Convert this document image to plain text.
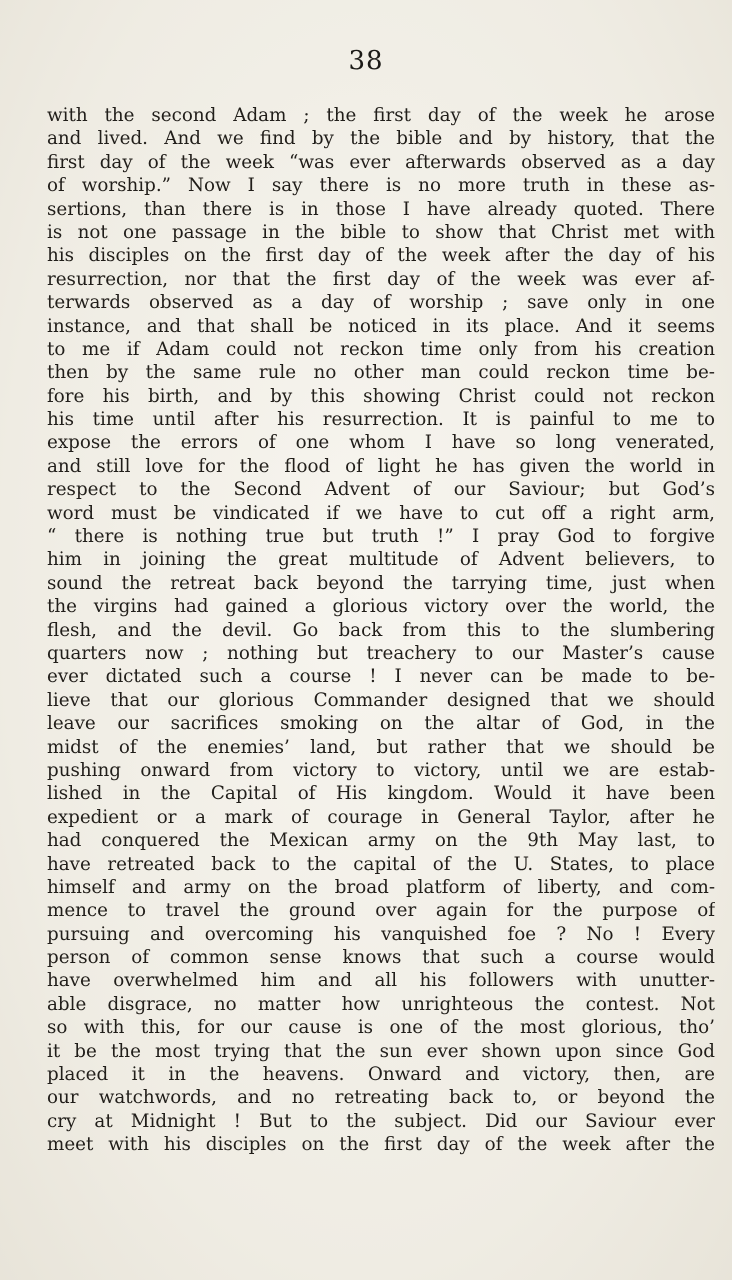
38
with the second Adam ; the first day of the week he arose
and lived. And we find by the bible and by history, that the
first day of the week “was ever afterwards observed as a day
of worship.” Now I say there is no more truth in these as-
sertions, than there is in those I have already quoted. There
is not one passage in the bible to show that Christ met with
his disciples on the first day of the week after the day of his
resurrection, nor that the first day of the week was ever af-
terwards observed as a day of worship ; save only in one
instance, and that shall be noticed in its place. And it seems
to me if Adam could not reckon time only from his creation
then by the same rule no other man could reckon time be-
fore his birth, and by this showing Christ could not reckon
his time until after his resurrection. It is painful to me to
expose the errors of one whom I have so long venerated,
and still love for the flood of light he has given the world in
respect to the Second Advent of our Saviour; but God’s
word must be vindicated if we have to cut off a right arm,
“ there is nothing true but truth !” I pray God to forgive
him in joining the great multitude of Advent believers, to
sound the retreat back beyond the tarrying time, just when
the virgins had gained a glorious victory over the world, the
flesh, and the devil. Go back from this to the slumbering
quarters now ; nothing but treachery to our Master’s cause
ever dictated such a course ! I never can be made to be-
lieve that our glorious Commander designed that we should
leave our sacrifices smoking on the altar of God, in the
midst of the enemies’ land, but rather that we should be
pushing onward from victory to victory, until we are estab-
lished in the Capital of His kingdom. Would it have been
expedient or a mark of courage in General Taylor, after he
had conquered the Mexican army on the 9th May last, to
have retreated back to the capital of the U. States, to place
himself and army on the broad platform of liberty, and com-
mence to travel the ground over again for the purpose of
pursuing and overcoming his vanquished foe ? No ! Every
person of common sense knows that such a course would
have overwhelmed him and all his followers with unutter-
able disgrace, no matter how unrighteous the contest. Not
so with this, for our cause is one of the most glorious, tho’
it be the most trying that the sun ever shown upon since God
placed it in the heavens. Onward and victory, then, are
our watchwords, and no retreating back to, or beyond the
cry at Midnight ! But to the subject. Did our Saviour ever
meet with his disciples on the first day of the week after the
